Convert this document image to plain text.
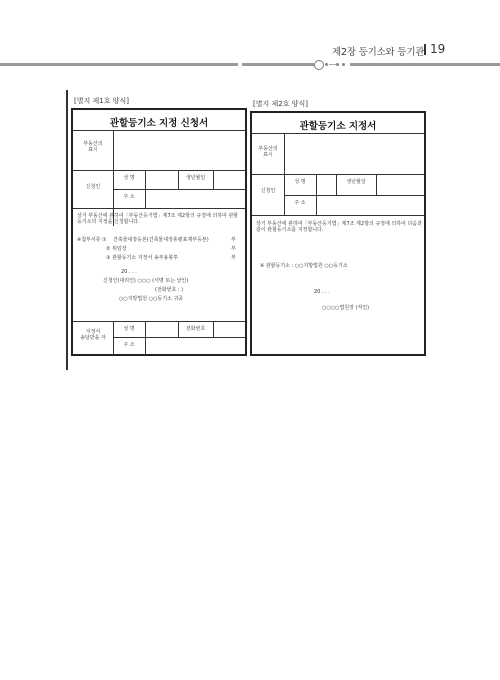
제2장 등기소와 등기관 19
[별지 제1호 양식]
관할등기소 지정 신청서
부동산의
표시
신청인
성 명	생년월일
주 소
상기 부동산에 관하여「부동산등기법」제7조 제2항의 규정에 의하여 관할
등기소의 지정을 신청합니다.
※첨부서류 ① 건축물대장등본(건축물대장총괄표제부등본)	부
② 위임장	부
③ 관할등기소 지정서 송부용봉투	부
20 . . .
신청인(대리인) ○○○ (서명 또는 날인)
(전화번호 : )
○○지방법원 ○○등기소 귀중
지정서
송달받을 자
성 명	전화번호
주 소
[별지 제2호 양식]
관할등기소 지정서
부동산의
표시
신청인
성 명	생년월일
주 소
상기 부동산에 관하여「부동산등기법」제7조 제2항의 규정에 의하여 다음과
같이 관할등기소를 지정합니다.
※ 관할등기소 : ○○지방법원 ○○등기소
20 . . .
○○○○법원장 (직인)
